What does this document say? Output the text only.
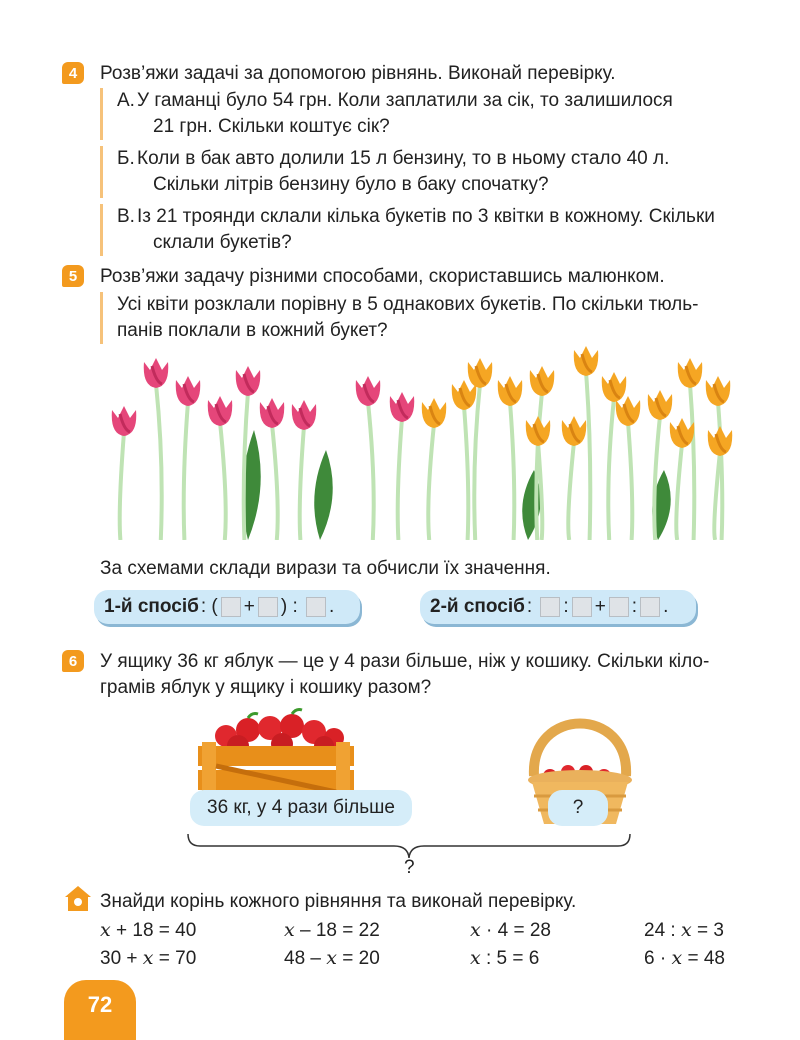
4	Розв’яжи задачі за допомогою рівнянь. Виконай перевірку.
А. У гаманці було 54 грн. Коли заплатили за сік, то залишилося
21 грн. Скільки коштує сік?
Б. Коли в бак авто долили 15 л бензину, то в ньому стало 40 л.
Скільки літрів бензину було в баку спочатку?
В. Із 21 троянди склали кілька букетів по 3 квітки в кожному. Скільки
склали букетів?
5	Розв’яжи задачу різними способами, скориставшись малюнком.
Усі квіти розклали порівну в 5 однакових букетів. По скільки тюль-
панів поклали в кожний букет?
За схемами склади вирази та обчисли їх значення.
1-й спосіб : ( + ) :
.	2-й спосіб :
: + : .
6	У ящику 36 кг яблук — це у 4 рази більше, ніж у кошику. Скільки кіло-
грамів яблук у ящику і кошику разом?
36 кг, у 4 рази більше	?
?
Знайди корінь кожного рівняння та виконай перевірку.
x + 18 = 40	x – 18 = 22	x · 4 = 28	24 : x = 3
30 + x = 70	48 – x = 20	x : 5 = 6	6 · x = 48
72
